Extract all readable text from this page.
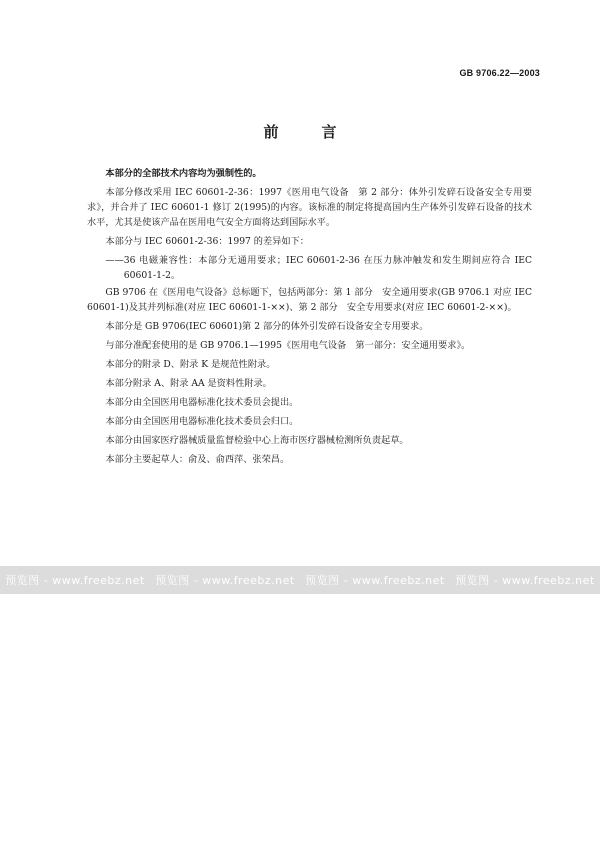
GB 9706.22—2003
前　言

本部分的全部技术内容均为强制性的。

本部分修改采用 IEC 60601-2-36：1997《医用电气设备　第 2 部分：体外引发碎石设备安全专用要求》，并合并了 IEC 60601-1 修订 2(1995)的内容。该标准的制定将提高国内生产体外引发碎石设备的技术水平，尤其是使该产品在医用电气安全方面将达到国际水平。

本部分与 IEC 60601-2-36：1997 的差异如下：

——36 电磁兼容性：本部分无通用要求；IEC 60601-2-36 在压力脉冲触发和发生期间应符合 IEC 60601-1-2。

GB 9706 在《医用电气设备》总标题下，包括两部分：第 1 部分　安全通用要求(GB 9706.1 对应 IEC 60601-1)及其并列标准(对应 IEC 60601-1-××)、第 2 部分　安全专用要求(对应 IEC 60601-2-××)。

本部分是 GB 9706(IEC 60601)第 2 部分的体外引发碎石设备安全专用要求。

与部分准配套使用的是 GB 9706.1—1995《医用电气设备　第一部分：安全通用要求》。

本部分的附录 D、附录 K 是规范性附录。

本部分附录 A、附录 AA 是资料性附录。

本部分由全国医用电器标准化技术委员会提出。

本部分由全国医用电器标准化技术委员会归口。

本部分由国家医疗器械质量监督检验中心上海市医疗器械检测所负责起草。

本部分主要起草人：俞及、俞西萍、张荣昌。

预览图 - www.freebz.net 预览图 - www.freebz.net 预览图 - www.freebz.net 预览图 - www.freebz.net
